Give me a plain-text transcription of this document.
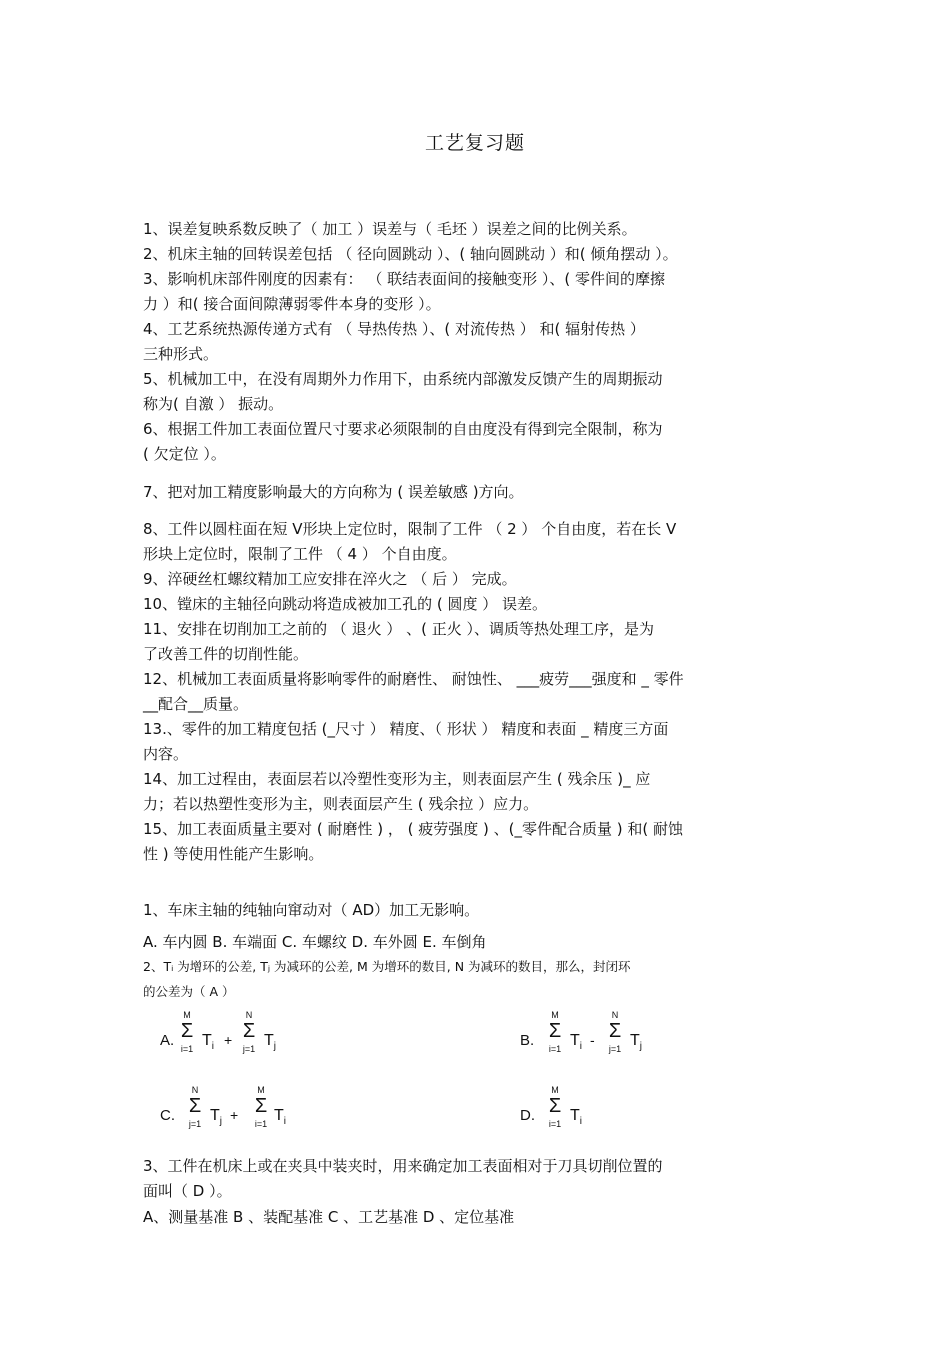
工艺复习题
1、误差复映系数反映了（ 加工 ）误差与（ 毛坯 ）误差之间的比例关系。
2、机床主轴的回转误差包括 （ 径向圆跳动 ）、( 轴向圆跳动 ）和( 倾角摆动 ）。
3、影响机床部件刚度的因素有： （ 联结表面间的接触变形 ）、( 零件间的摩擦
力 ）和( 接合面间隙薄弱零件本身的变形 ）。
4、工艺系统热源传递方式有 （ 导热传热 ）、( 对流传热 ） 和( 辐射传热 ）
三种形式。
5、机械加工中，在没有周期外力作用下，由系统内部激发反馈产生的周期振动
称为( 自激 ） 振动。
6、根据工件加工表面位置尺寸要求必须限制的自由度没有得到完全限制，称为
( 欠定位 ）。
7、把对加工精度影响最大的方向称为 ( 误差敏感 )方向。
8、工件以圆柱面在短 V形块上定位时，限制了工件 （ 2 ） 个自由度，若在长 V
形块上定位时，限制了工件 （ 4 ） 个自由度。
9、淬硬丝杠螺纹精加工应安排在淬火之 （ 后 ） 完成。
10、镗床的主轴径向跳动将造成被加工孔的 ( 圆度 ） 误差。
11、安排在切削加工之前的 （ 退火 ） 、( 正火 ）、调质等热处理工序，是为
了改善工件的切削性能。
12、机械加工表面质量将影响零件的耐磨性、 耐蚀性、 ___疲劳___强度和 _ 零件
__配合__质量。
13.、零件的加工精度包括 (_尺寸 ） 精度、（ 形状 ） 精度和表面 _ 精度三方面
内容。
14、加工过程由，表面层若以冷塑性变形为主，则表面层产生 ( 残余压 )_ 应
力；若以热塑性变形为主，则表面层产生 ( 残余拉 ）应力。
15、加工表面质量主要对 ( 耐磨性 ) ， ( 疲劳强度 ) 、(_零件配合质量 ) 和( 耐蚀
性 ) 等使用性能产生影响。
1、车床主轴的纯轴向窜动对（ AD）加工无影响。
A. 车内圆 B. 车端面 C. 车螺纹 D. 车外圆 E. 车倒角
2、Tᵢ 为增环的公差, Tⱼ 为减环的公差, M 为增环的数目, N 为减环的数目，那么，封闭环
的公差为（ A ）
3、工件在机床上或在夹具中装夹时，用来确定加工表面相对于刀具切削位置的
面叫（ D ）。
A、测量基准 B 、装配基准 C 、工艺基准 D 、定位基准
A.
M
Σ
i=1 $T_i$ +
N
Σ
j=1 $T_j$	B.
M
Σ
i=1 $T_i$ -
N
Σ
j=1 $T_j$
C.
N
Σ
j=1 $T_j$ +
M
Σ
i=1 $T_i$	D.
M
Σ
i=1 $T_i$
